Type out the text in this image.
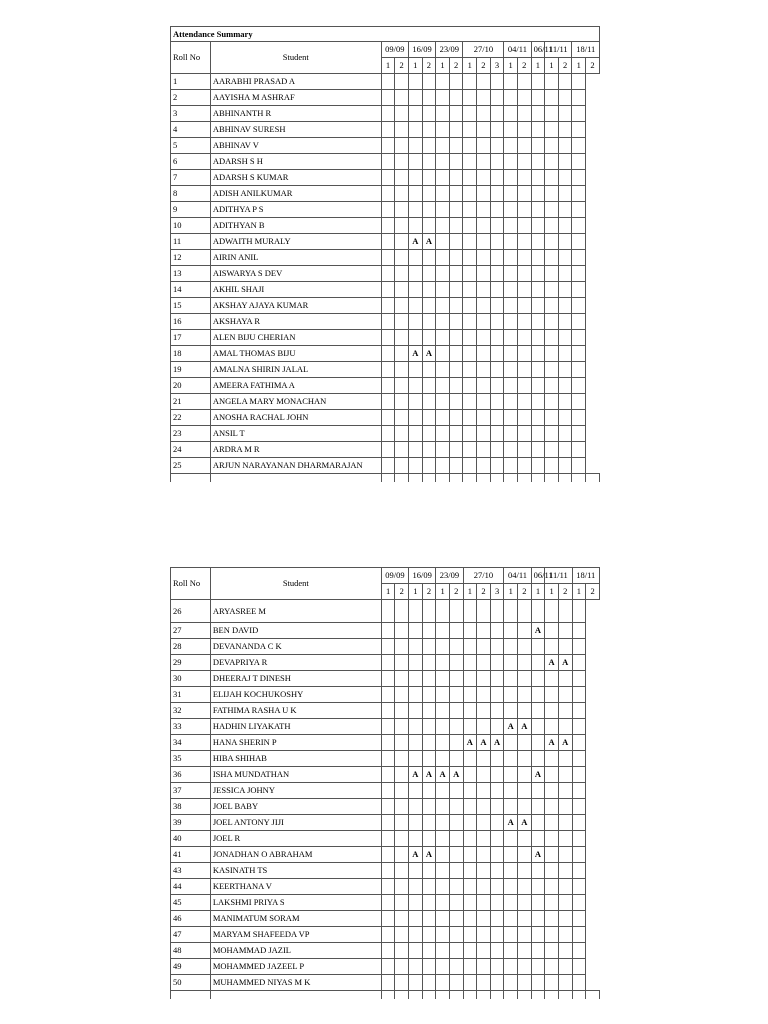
Attendance Summary																	
Roll No	Student	09/09		16/09		23/09		27/10			04/11		06/11	11/11		18/11	
		1	2	1	2	1	2	1	2	3	1	2	1	1	2	1	2
1	AARABHI PRASAD A																
2	AAYISHA M ASHRAF																
3	ABHINANTH R																
4	ABHINAV SURESH																
5	ABHINAV V																
6	ADARSH S H																
7	ADARSH S KUMAR																
8	ADISH ANILKUMAR																
9	ADITHYA P S																
10	ADITHYAN B																
11	ADWAITH MURALY			A	A												
12	AIRIN ANIL																
13	AISWARYA S DEV																
14	AKHIL SHAJI																
15	AKSHAY AJAYA KUMAR																
16	AKSHAYA R																
17	ALEN BIJU CHERIAN																
18	AMAL THOMAS BIJU			A	A												
19	AMALNA SHIRIN JALAL																
20	AMEERA FATHIMA A																
21	ANGELA MARY MONACHAN																
22	ANOSHA RACHAL JOHN																
23	ANSIL T																
24	ARDRA M R																
25	ARJUN NARAYANAN DHARMARAJAN																

Roll No	Student	09/09		16/09		23/09		27/10			04/11		06/11	11/11		18/11	
		1	2	1	2	1	2	1	2	3	1	2	1	1	2	1	2
26	ARYASREE M																
27	BEN DAVID												A				
28	DEVANANDA C K																
29	DEVAPRIYA R													A	A		
30	DHEERAJ T DINESH																
31	ELIJAH KOCHUKOSHY																
32	FATHIMA RASHA U K																
33	HADHIN LIYAKATH										A	A					
34	HANA SHERIN P							A	A	A				A	A		
35	HIBA SHIHAB																
36	ISHA MUNDATHAN			A	A	A	A						A				
37	JESSICA JOHNY																
38	JOEL BABY																
39	JOEL ANTONY JIJI										A	A					
40	JOEL R																
41	JONADHAN O ABRAHAM			A	A								A				
43	KASINATH TS																
44	KEERTHANA V																
45	LAKSHMI PRIYA S																
46	MANIMATUM SORAM																
47	MARYAM SHAFEEDA VP																
48	MOHAMMAD JAZIL																
49	MOHAMMED JAZEEL P																
50	MUHAMMED NIYAS M K																
